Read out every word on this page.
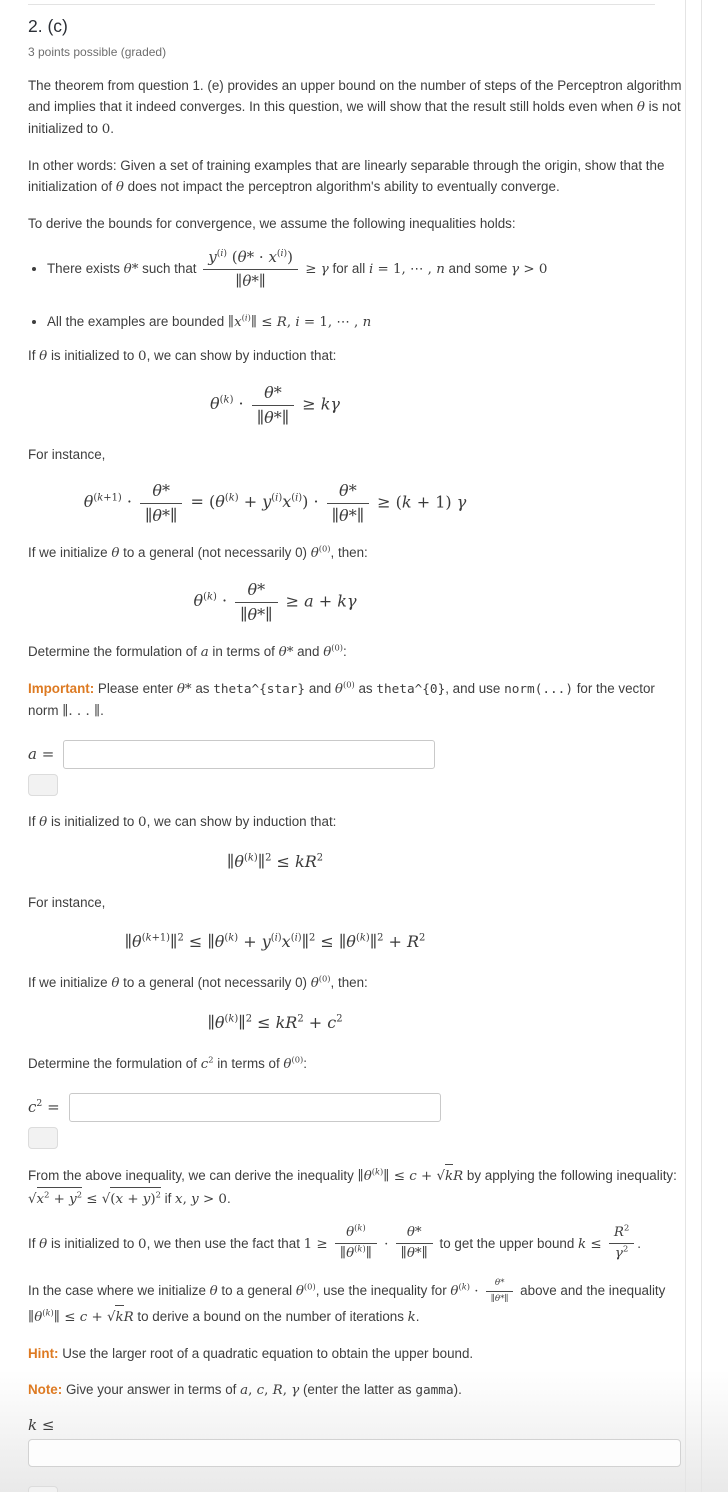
2. (c)
3 points possible (graded)

The theorem from question 1. (e) provides an upper bound on the number of steps of the Perceptron algorithm and implies that it indeed converges. In this question, we will show that the result still holds even when θ is not initialized to 0.

In other words: Given a set of training examples that are linearly separable through the origin, show that the initialization of θ does not impact the perceptron algorithm's ability to eventually converge.

To derive the bounds for convergence, we assume the following inequalities holds:

• There exists θ* such that $\frac{y^{(i)} (\theta* \cdot x^{(i)})}{\parallel\theta*\parallel} \ge \gamma$ for all i = 1, ⋯ , n and some γ > 0
• All the examples are bounded $\parallel x^{(i)}\parallel \le R$, i = 1, ⋯ , n

If θ is initialized to 0, we can show by induction that:

$\theta^{(k)} \cdot \frac{\theta*}{\parallel\theta*\parallel} \ge k\gamma$

For instance,

$\theta^{(k+1)} \cdot \frac{\theta*}{\parallel\theta*\parallel} = (\theta^{(k)} + y^{(i)}x^{(i)}) \cdot \frac{\theta*}{\parallel\theta*\parallel} \ge (k + 1)$ γ

If we initialize θ to a general (not necessarily 0) $\theta^{(0)}$, then:

$\theta^{(k)} \cdot \frac{\theta*}{\parallel\theta*\parallel} \ge a + k\gamma$

Determine the formulation of a in terms of θ* and $\theta^{(0)}$:

Important: Please enter θ* as theta^{star} and $\theta^{(0)}$ as theta^{0}, and use norm(...) for the vector norm ∥. . . ∥.

a =

If θ is initialized to 0, we can show by induction that:

$\parallel\theta^{(k)}\parallel^2 \le kR^2$

For instance,

$\parallel\theta^{(k+1)}\parallel^2$ ≤ $\parallel\theta^{(k)}$ + $y^{(i)}x^{(i)}\parallel^2$ ≤ $\parallel\theta^{(k)}\parallel^2 + R^2$

If we initialize θ to a general (not necessarily 0) $\theta^{(0)}$, then:

$\parallel\theta^{(k)}\parallel^2 \le kR^2 + c^2$

Determine the formulation of $c^2$ in terms of $\theta^{(0)}$:

$c^2$ =

From the above inequality, we can derive the inequality $\parallel\theta^{(k)}\parallel \le c + √kR$ by applying the following inequality: $√x^2 + y^2 \le √(x + y)^2$ if x, y > 0.

If θ is initialized to 0, we then use the fact that $1 \ge \frac{\theta^{(k)}}{\parallel\theta^{(k)}\parallel} \cdot \frac{\theta*}{\parallel\theta*\parallel}$ to get the upper bound $k \le \frac{R^2}{\gamma^2}$ .

In the case where we initialize θ to a general $\theta^{(0)}$, use the inequality for $\theta^{(k)} \cdot \frac{\theta*}{\parallel\theta*\parallel}$ above and the inequality $\parallel\theta^{(k)}\parallel \le c + √kR$ to derive a bound on the number of iterations k.

Hint: Use the larger root of a quadratic equation to obtain the upper bound.

Note: Give your answer in terms of a, c, R, γ (enter the latter as gamma).

k ≤
